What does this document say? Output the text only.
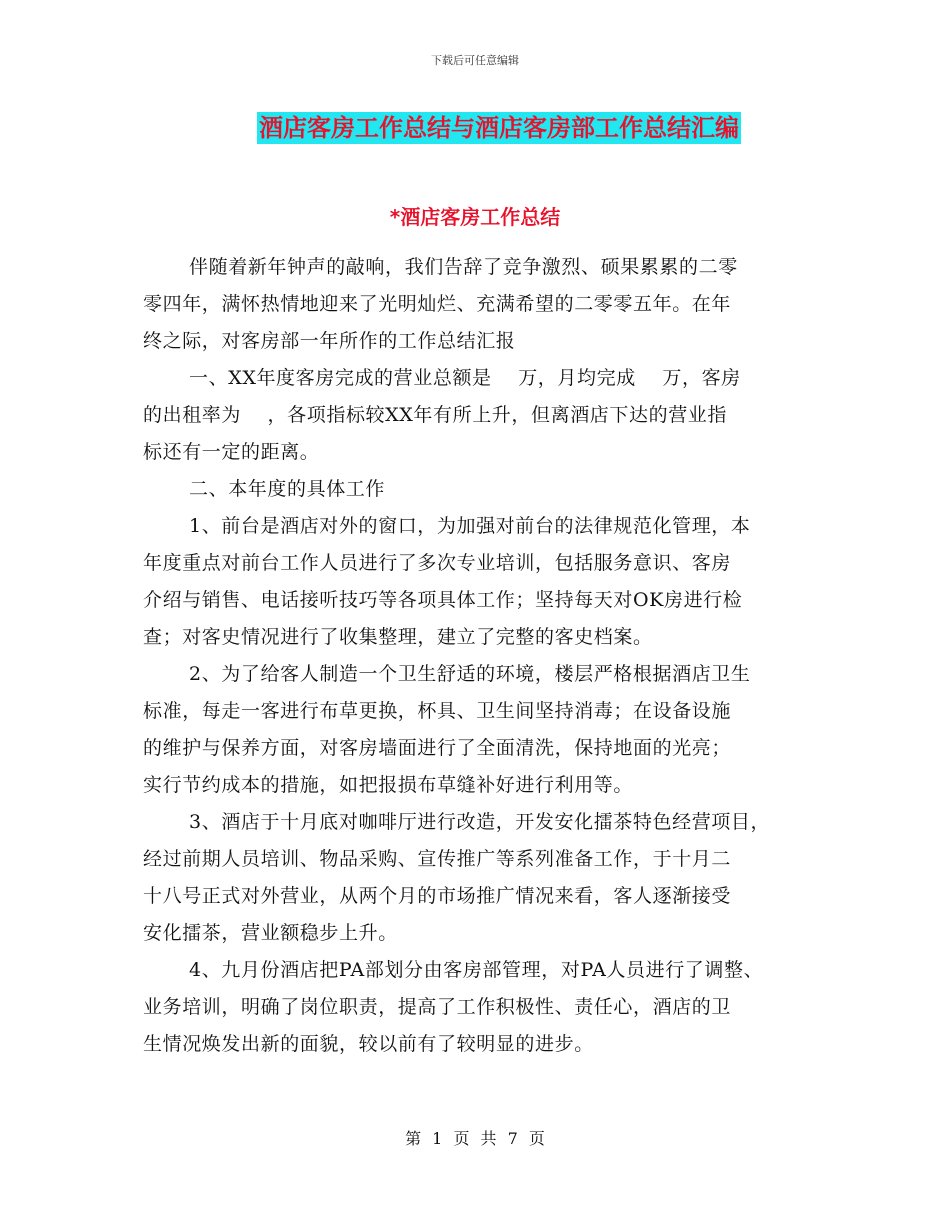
下载后可任意编辑
酒店客房工作总结与酒店客房部工作总结汇编
*酒店客房工作总结
伴随着新年钟声的敲响，我们告辞了竞争激烈、硕果累累的二零
零四年，满怀热情地迎来了光明灿烂、充满希望的二零零五年。在年
终之际，对客房部一年所作的工作总结汇报
一、XX年度客房完成的营业总额是    万，月均完成    万，客房
的出租率为    ，各项指标较XX年有所上升，但离酒店下达的营业指
标还有一定的距离。
二、本年度的具体工作
1、前台是酒店对外的窗口，为加强对前台的法律规范化管理，本
年度重点对前台工作人员进行了多次专业培训，包括服务意识、客房
介绍与销售、电话接听技巧等各项具体工作；坚持每天对OK房进行检
查；对客史情况进行了收集整理，建立了完整的客史档案。
2、为了给客人制造一个卫生舒适的环境，楼层严格根据酒店卫生
标准，每走一客进行布草更换，杯具、卫生间坚持消毒；在设备设施
的维护与保养方面，对客房墙面进行了全面清洗，保持地面的光亮；
实行节约成本的措施，如把报损布草缝补好进行利用等。
3、酒店于十月底对咖啡厅进行改造，开发安化擂茶特色经营项目，
经过前期人员培训、物品采购、宣传推广等系列准备工作，于十月二
十八号正式对外营业，从两个月的市场推广情况来看，客人逐渐接受
安化擂茶，营业额稳步上升。
4、九月份酒店把PA部划分由客房部管理，对PA人员进行了调整、
业务培训，明确了岗位职责，提高了工作积极性、责任心，酒店的卫
生情况焕发出新的面貌，较以前有了较明显的进步。
第 1 页 共 7 页
